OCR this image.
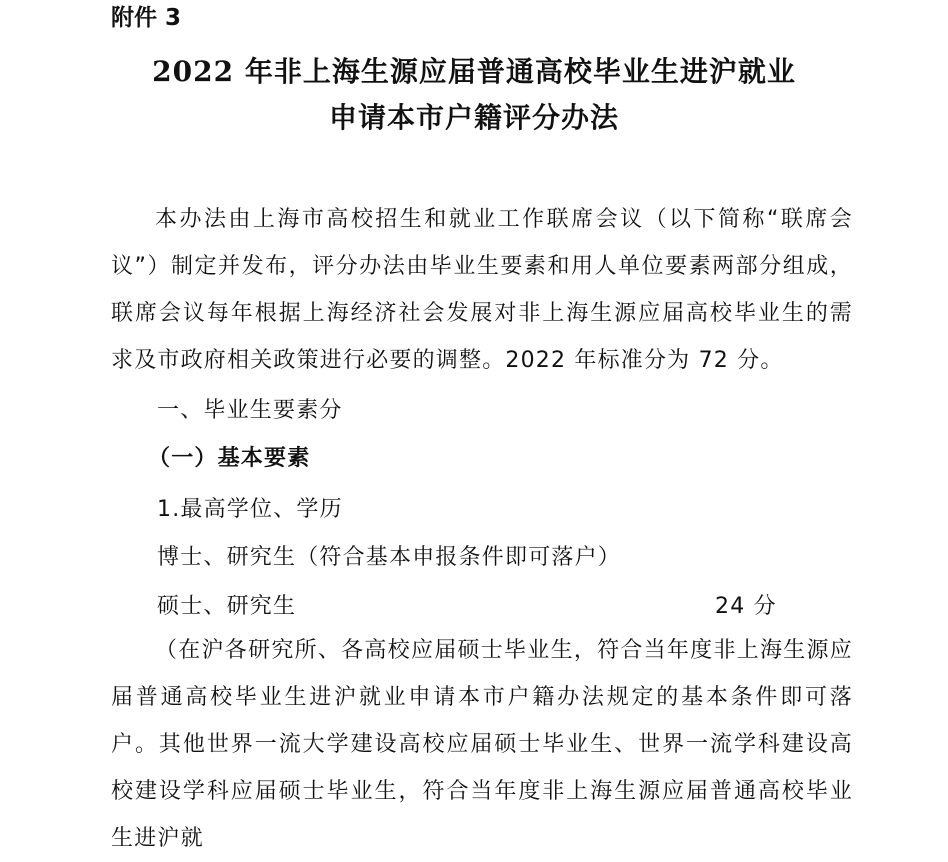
附件 3
2022 年非上海生源应届普通高校毕业生进沪就业
申请本市户籍评分办法
本办法由上海市高校招生和就业工作联席会议（以下简称“联席会议”）制定并发布，评分办法由毕业生要素和用人单位要素两部分组成，联席会议每年根据上海经济社会发展对非上海生源应届高校毕业生的需求及市政府相关政策进行必要的调整。2022 年标准分为 72 分。
一、毕业生要素分
（一）基本要素
1.最高学位、学历
博士、研究生（符合基本申报条件即可落户）
硕士、研究生	24 分
（在沪各研究所、各高校应届硕士毕业生，符合当年度非上海生源应届普通高校毕业生进沪就业申请本市户籍办法规定的基本条件即可落户。其他世界一流大学建设高校应届硕士毕业生、世界一流学科建设高校建设学科应届硕士毕业生，符合当年度非上海生源应届普通高校毕业生进沪就
